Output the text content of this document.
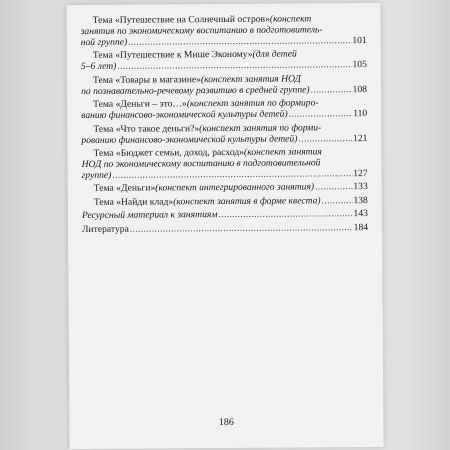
Тема «Путешествие на Солнечный остров» (конспект
занятия по экономическому воспитанию в подготовитель-
ной группе) .....	101
Тема «Путешествие к Мише Эконому» (для детей
5–6 лет) .....	105
Тема «Товары в магазине» (конспект занятия НОД
по познавательно-речевому развитию в средней группе) .....	108
Тема «Деньги – это…» (конспект занятия по формиро-
ванию финансово-экономической культуры детей) .....	110
Тема «Что такое деньги?» (конспект занятия по форми-
рованию финансово-экономической культуры детей) .....	121
Тема «Бюджет семьи, доход, расход» (конспект занятия
НОД по экономическому воспитанию в подготовительной
группе) .....	127
Тема «Деньги» (конспект интегрированного занятия) .....	133
Тема «Найди клад» (конспект занятия в форме квеста) .....	138
Ресурсный материал к занятиям .....	143
Литература .....	184
186
